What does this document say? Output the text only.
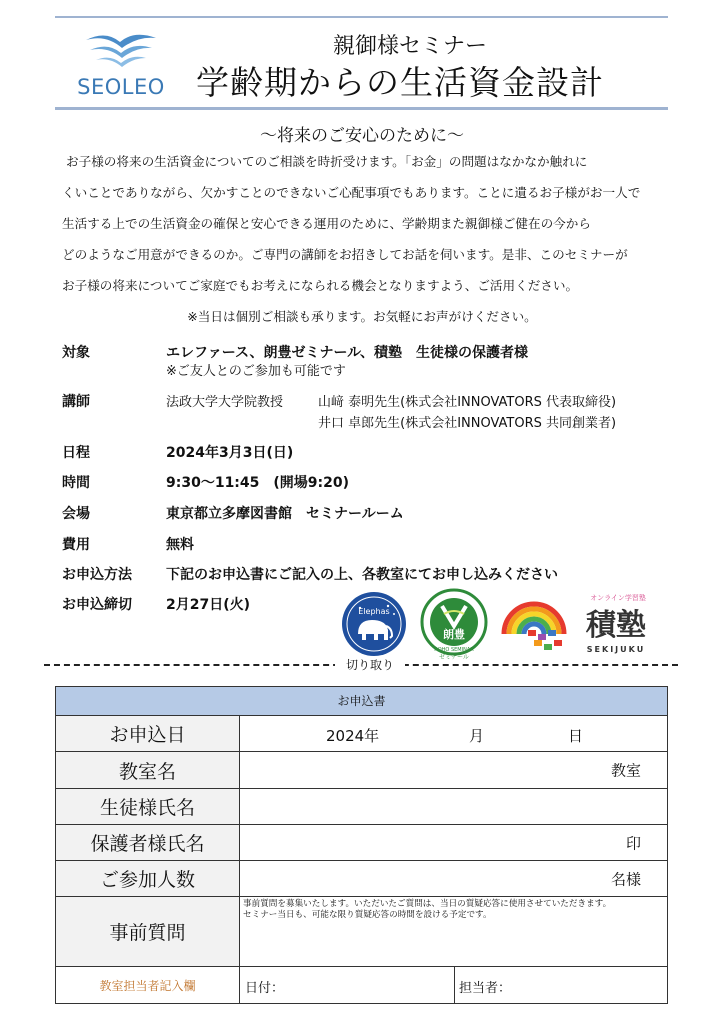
SEOLEO
親御様セミナー
学齢期からの生活資金設計
～将来のご安心のために～
お子様の将来の生活資金についてのご相談を時折受けます。「お金」の問題はなかなか触れに
くいことでありながら、欠かすことのできないご心配事項でもあります。ことに遺るお子様がお一人で
生活する上での生活資金の確保と安心できる運用のために、学齢期また親御様ご健在の今から
どのようなご用意ができるのか。ご専門の講師をお招きしてお話を伺います。是非、このセミナーが
お子様の将来についてご家庭でもお考えになられる機会となりますよう、ご活用ください。
※当日は個別ご相談も承ります。お気軽にお声がけください。
対象	エレファース、朗豊ゼミナール、積塾　生徒様の保護者様
※ご友人とのご参加も可能です
講師	法政大学大学院教授	山﨑 泰明先生(株式会社INNOVATORS 代表取締役)
井口 卓郎先生(株式会社INNOVATORS 共同創業者)
日程	2024年3月3日(日)
時間	9:30～11:45　(開場9:20)
会場	東京都立多摩図書館　セミナールーム
費用	無料
お申込方法 下記のお申込書にご記入の上、各教室にてお申し込みください
お申込締切 2月27日(火)	Elephas
朗豊
ROHO SEMINAR
ゼミナール
オンライン学習塾
積塾
SEKIJUKU
切り取り
お申込書
お申込日	2024年	月	日
教室名	教室
生徒様氏名
保護者様氏名	印
ご参加人数	名様
事前質問
事前質問を募集いたします。いただいたご質問は、当日の質疑応答に使用させていただきます。
セミナー当日も、可能な限り質疑応答の時間を設ける予定です。
教室担当者記入欄	日付：	担当者：
